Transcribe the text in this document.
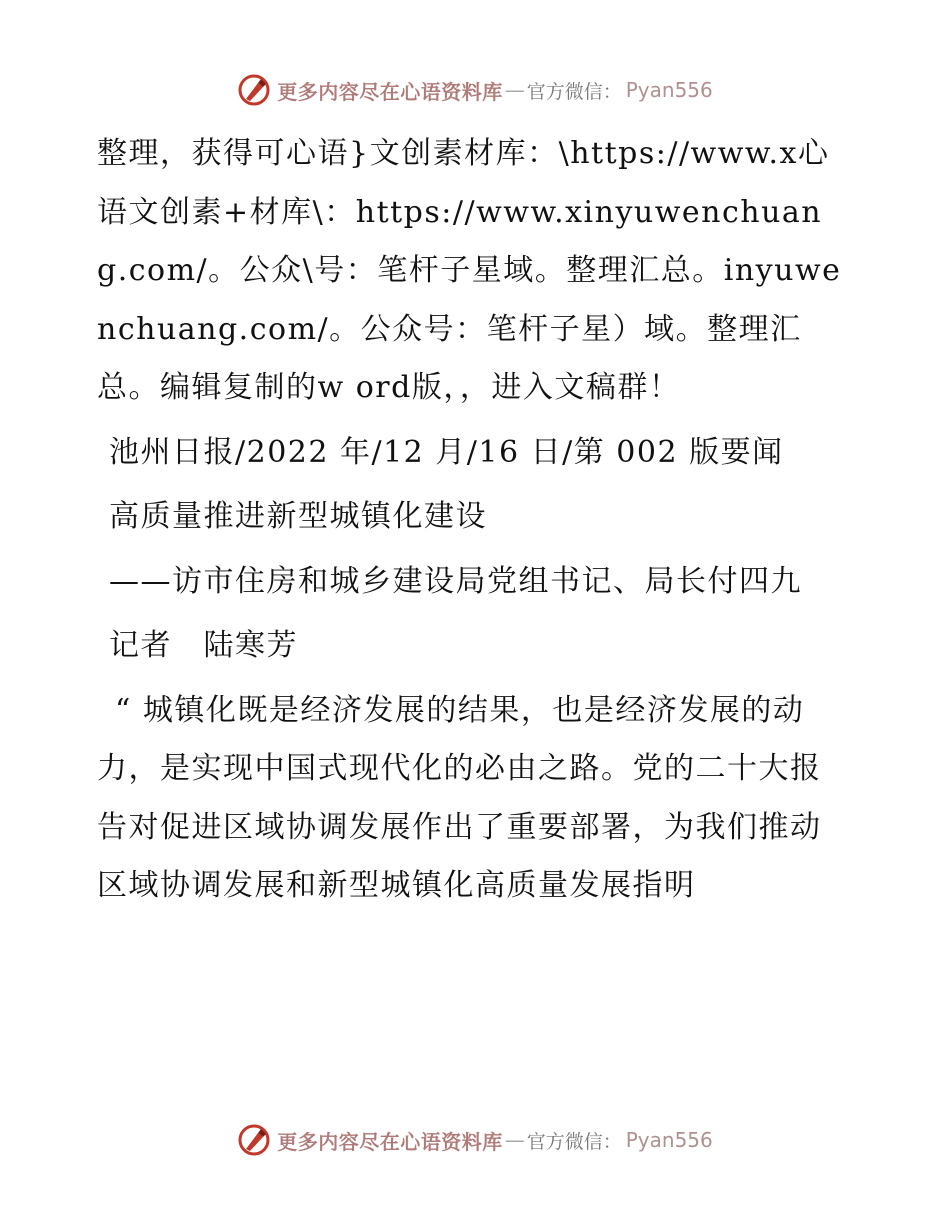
更多内容尽在心语资料库 — 官方微信： Pyan556

整理，获得可心语}文创素材库：\https://www.x心语文创素+材库\：https://www.xinyuwenchuang.com/。公众\号：笔杆子星域。整理汇总。inyuwenchuang.com/。公众号：笔杆子星）域。整理汇总。编辑复制的w ord版，，进入文稿群！

池州日报/2022 年/12 月/16 日/第 002 版要闻

高质量推进新型城镇化建设

——访市住房和城乡建设局党组书记、局长付四九

记者　陆寒芳

“ 城镇化既是经济发展的结果，也是经济发展的动力，是实现中国式现代化的必由之路。党的二十大报告对促进区域协调发展作出了重要部署，为我们推动区域协调发展和新型城镇化高质量发展指明

更多内容尽在心语资料库 — 官方微信： Pyan556
